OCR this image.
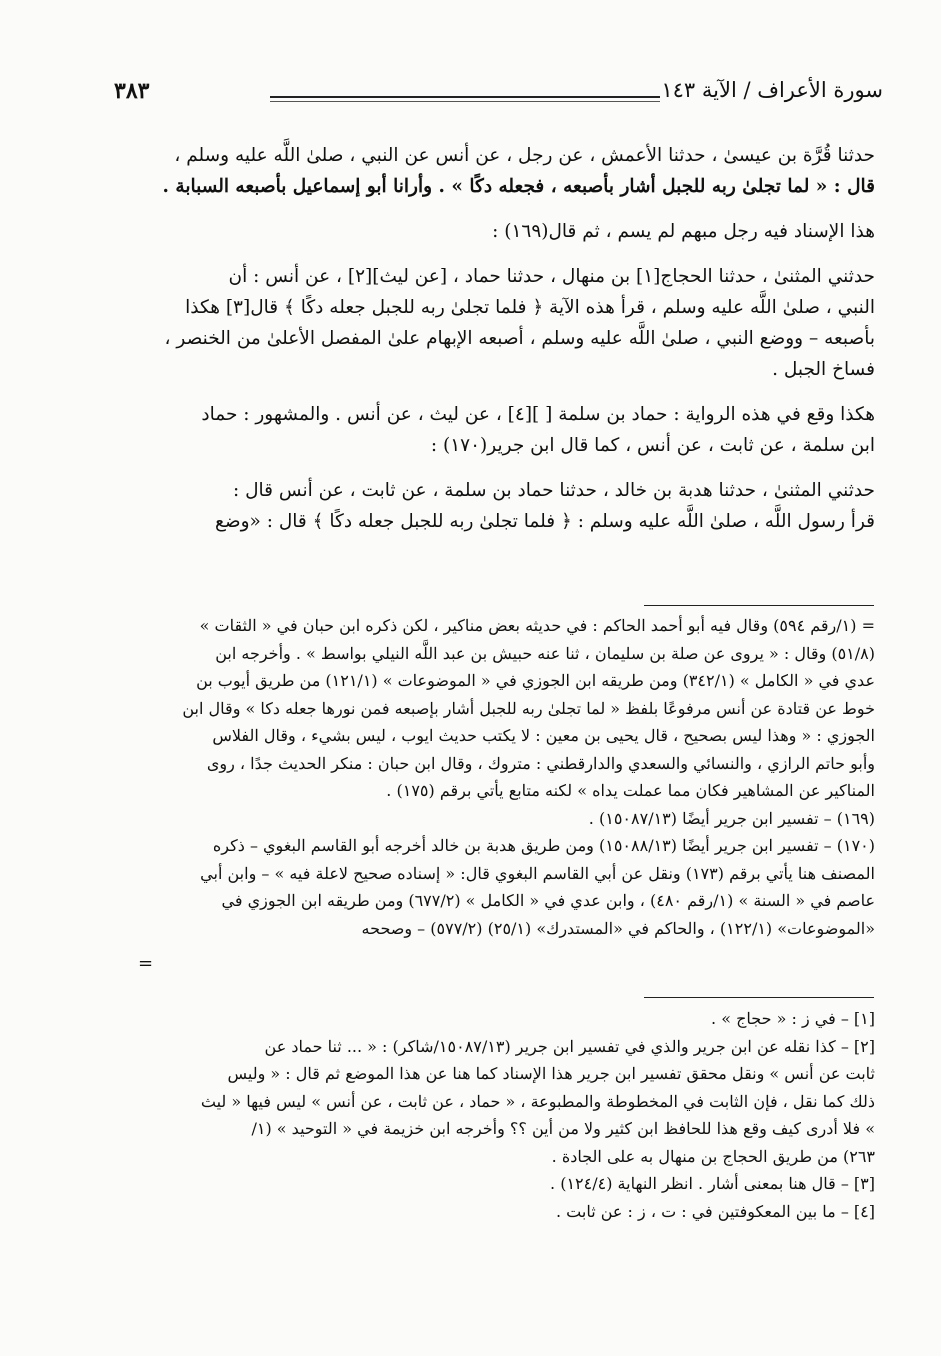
٣٨٣	سورة الأعراف / الآية ١٤٣

حدثنا قُرَّة بن عيسىٰ ، حدثنا الأعمش ، عن رجل ، عن أنس عن النبي ، صلىٰ اللَّه عليه وسلم ،

قال : « لما تجلىٰ ربه للجبل أشار بأصبعه ، فجعله دكًا » . وأرانا أبو إسماعيل بأصبعه السبابة .

هذا الإسناد فيه رجل مبهم لم يسم ، ثم قال(١٦٩) :

حدثني المثنىٰ ، حدثنا الحجاج[١] بن منهال ، حدثنا حماد ، [عن ليث][٢] ، عن أنس : أن

النبي ، صلىٰ اللَّه عليه وسلم ، قرأ هذه الآية ﴿ فلما تجلىٰ ربه للجبل جعله دكًا ﴾ قال[٣] هكذا

بأصبعه – ووضع النبي ، صلىٰ اللَّه عليه وسلم ، أصبعه الإبهام علىٰ المفصل الأعلىٰ من الخنصر ،

فساخ الجبل .

هكذا وقع في هذه الرواية : حماد بن سلمة [ ][٤] ، عن ليث ، عن أنس . والمشهور : حماد

ابن سلمة ، عن ثابت ، عن أنس ، كما قال ابن جرير(١٧٠) :

حدثني المثنىٰ ، حدثنا هدبة بن خالد ، حدثنا حماد بن سلمة ، عن ثابت ، عن أنس قال :

قرأ رسول اللَّه ، صلىٰ اللَّه عليه وسلم : ﴿ فلما تجلىٰ ربه للجبل جعله دكًا ﴾ قال : «وضع

= (١/رقم ٥٩٤) وقال فيه أبو أحمد الحاكم : في حديثه بعض مناكير ، لكن ذكره ابن حبان في « الثقات »

(٥١/٨) وقال : « يروى عن صلة بن سليمان ، ثنا عنه حبيش بن عبد اللَّه النيلي بواسط » . وأخرجه ابن

عدي في « الكامل » (٣٤٢/١) ومن طريقه ابن الجوزي في « الموضوعات » (١٢١/١) من طريق أيوب بن

خوط عن قتادة عن أنس مرفوعًا بلفظ « لما تجلىٰ ربه للجبل أشار بإصبعه فمن نورها جعله دكا » وقال ابن

الجوزي : « وهذا ليس بصحيح ، قال يحيى بن معين : لا يكتب حديث ايوب ، ليس بشيء ، وقال الفلاس

وأبو حاتم الرازي ، والنسائي والسعدي والدارقطني : متروك ، وقال ابن حبان : منكر الحديث جدًا ، روى

المناكير عن المشاهير فكان مما عملت يداه » لكنه متابع يأتي برقم (١٧٥) .

(١٦٩) – تفسير ابن جرير أيضًا (١٥٠٨٧/١٣) .

(١٧٠) – تفسير ابن جرير أيضًا (١٥٠٨٨/١٣) ومن طريق هدبة بن خالد أخرجه أبو القاسم البغوي – ذكره

المصنف هنا يأتي برقم (١٧٣) ونقل عن أبي القاسم البغوي قال: « إسناده صحيح لاعلة فيه » – وابن أبي

عاصم في « السنة » (١/رقم ٤٨٠) ، وابن عدي في « الكامل » (٦٧٧/٢) ومن طريقه ابن الجوزي في

«الموضوعات» (١٢٢/١) ، والحاكم في «المستدرك» (٢٥/١) (٥٧٧/٢) – وصححه

=

[١] – في ز : « حجاج » .

[٢] – كذا نقله عن ابن جرير والذي في تفسير ابن جرير (١٥٠٨٧/١٣/شاكر) : « ... ثنا حماد عن

ثابت عن أنس » ونقل محقق تفسير ابن جرير هذا الإسناد كما هنا عن هذا الموضع ثم قال : « وليس

ذلك كما نقل ، فإن الثابت في المخطوطة والمطبوعة ، « حماد ، عن ثابت ، عن أنس » ليس فيها « ليث

» فلا أدرى كيف وقع هذا للحافظ ابن كثير ولا من أين ؟؟ وأخرجه ابن خزيمة في « التوحيد » (١/

٢٦٣) من طريق الحجاج بن منهال به على الجادة .

[٣] – قال هنا بمعنى أشار . انظر النهاية (١٢٤/٤) .

[٤] – ما بين المعكوفتين في : ت ، ز : عن ثابت .
